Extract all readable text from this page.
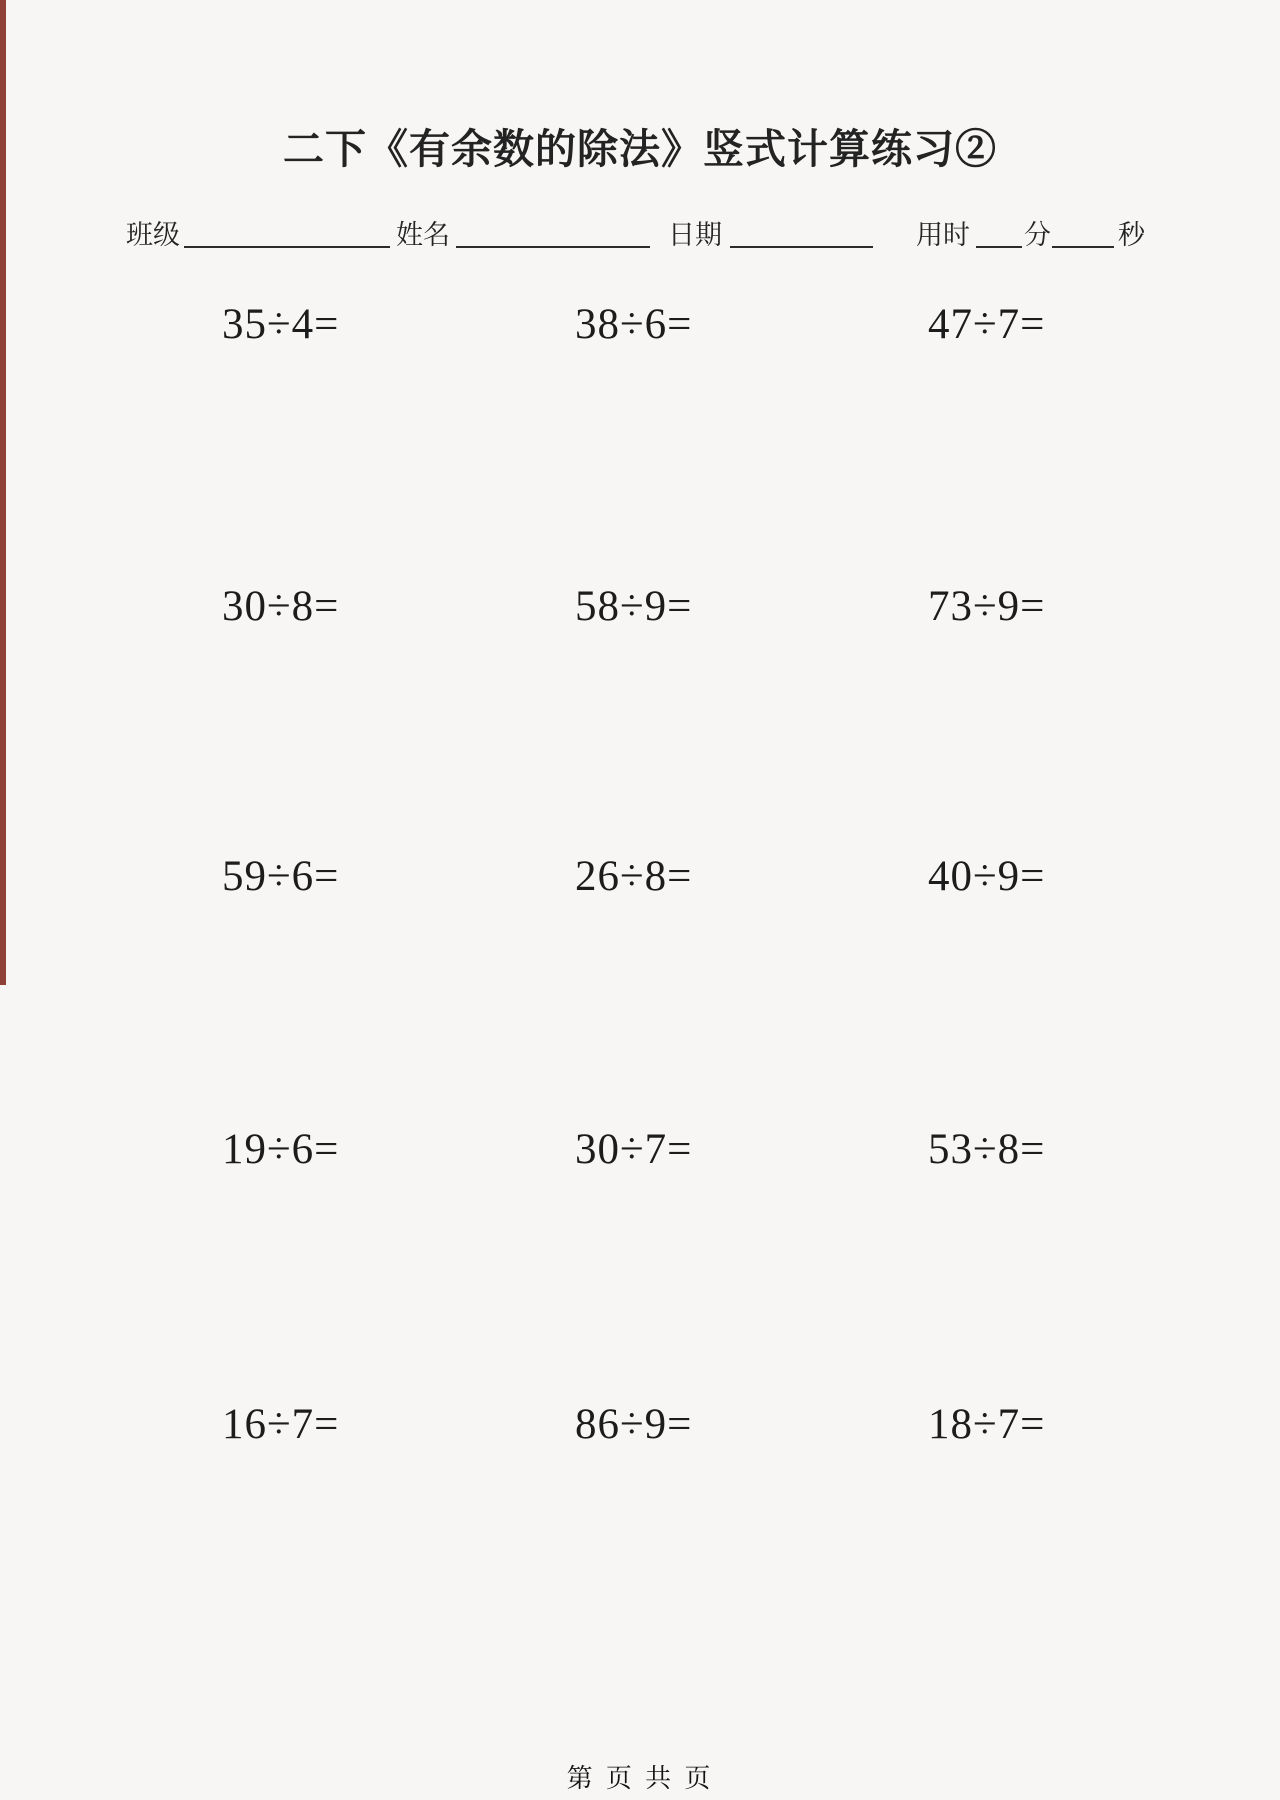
二下《有余数的除法》竖式计算练习②
班级	姓名	日期	用时 分 秒
35÷4=	38÷6=	47÷7=
30÷8=	58÷9=	73÷9=
59÷6=	26÷8=	40÷9=
19÷6=	30÷7=	53÷8=
16÷7=	86÷9=	18÷7=
第 页 共 页
